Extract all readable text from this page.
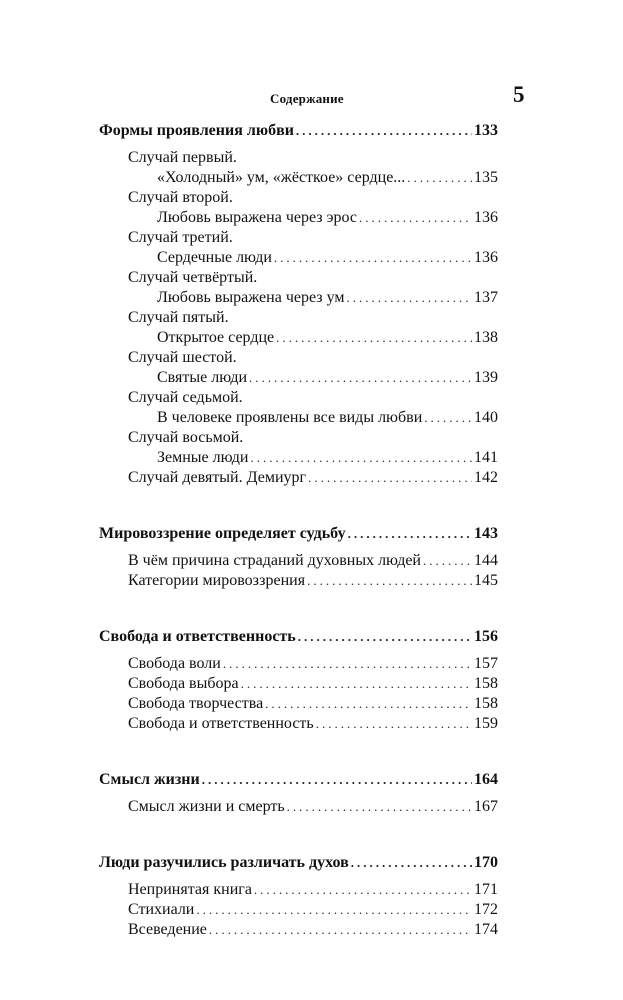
Содержание	5
Формы проявления любви .....	133
Случай первый.
«Холодный» ум, «жёсткое» сердце... .....	135
Случай второй.
Любовь выражена через эрос .....	136
Случай третий.
Сердечные люди .....	136
Случай четвёртый.
Любовь выражена через ум .....	137
Случай пятый.
Открытое сердце .....	138
Случай шестой.
Святые люди .....	139
Случай седьмой.
В человеке проявлены все виды любви .....	140
Случай восьмой.
Земные люди .....	141
Случай девятый. Демиург .....	142
Мировоззрение определяет судьбу .....	143
В чём причина страданий духовных людей .....	144
Категории мировоззрения .....	145
Свобода и ответственность .....	156
Свобода воли .....	157
Свобода выбора .....	158
Свобода творчества .....	158
Свобода и ответственность .....	159
Смысл жизни .....	164
Смысл жизни и смерть .....	167
Люди разучились различать духов .....	170
Непринятая книга .....	171
Стихиали .....	172
Всеведение .....	174
